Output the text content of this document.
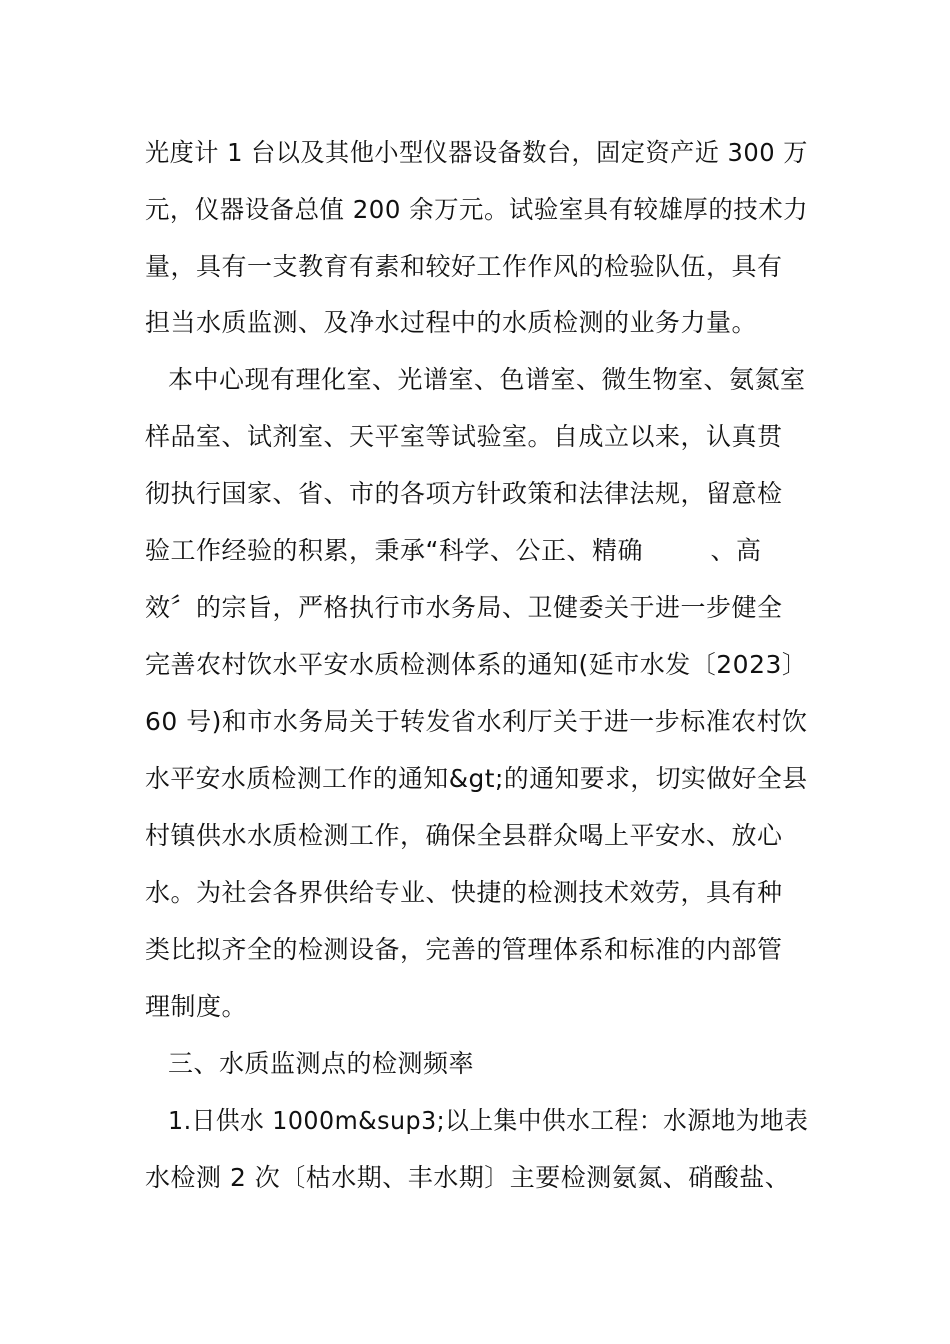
光度计 1 台以及其他小型仪器设备数台，固定资产近 300 万
元，仪器设备总值 200 余万元。试验室具有较雄厚的技术力
量，具有一支教育有素和较好工作作风的检验队伍，具有
担当水质监测、及净水过程中的水质检测的业务力量。
本中心现有理化室、光谱室、色谱室、微生物室、氨氮室
样品室、试剂室、天平室等试验室。自成立以来，认真贯
彻执行国家、省、市的各项方针政策和法律法规，留意检
验工作经验的积累，秉承“科学、公正、精确        、高
效〞的宗旨，严格执行市水务局、卫健委关于进一步健全
完善农村饮水平安水质检测体系的通知(延市水发〔2023〕
60 号)和市水务局关于转发省水利厅关于进一步标准农村饮
水平安水质检测工作的通知&gt;的通知要求，切实做好全县
村镇供水水质检测工作，确保全县群众喝上平安水、放心
水。为社会各界供给专业、快捷的检测技术效劳，具有种
类比拟齐全的检测设备，完善的管理体系和标准的内部管
理制度。
三、水质监测点的检测频率
1.日供水 1000m&sup3;以上集中供水工程：水源地为地表
水检测 2 次〔枯水期、丰水期〕主要检测氨氮、硝酸盐、
